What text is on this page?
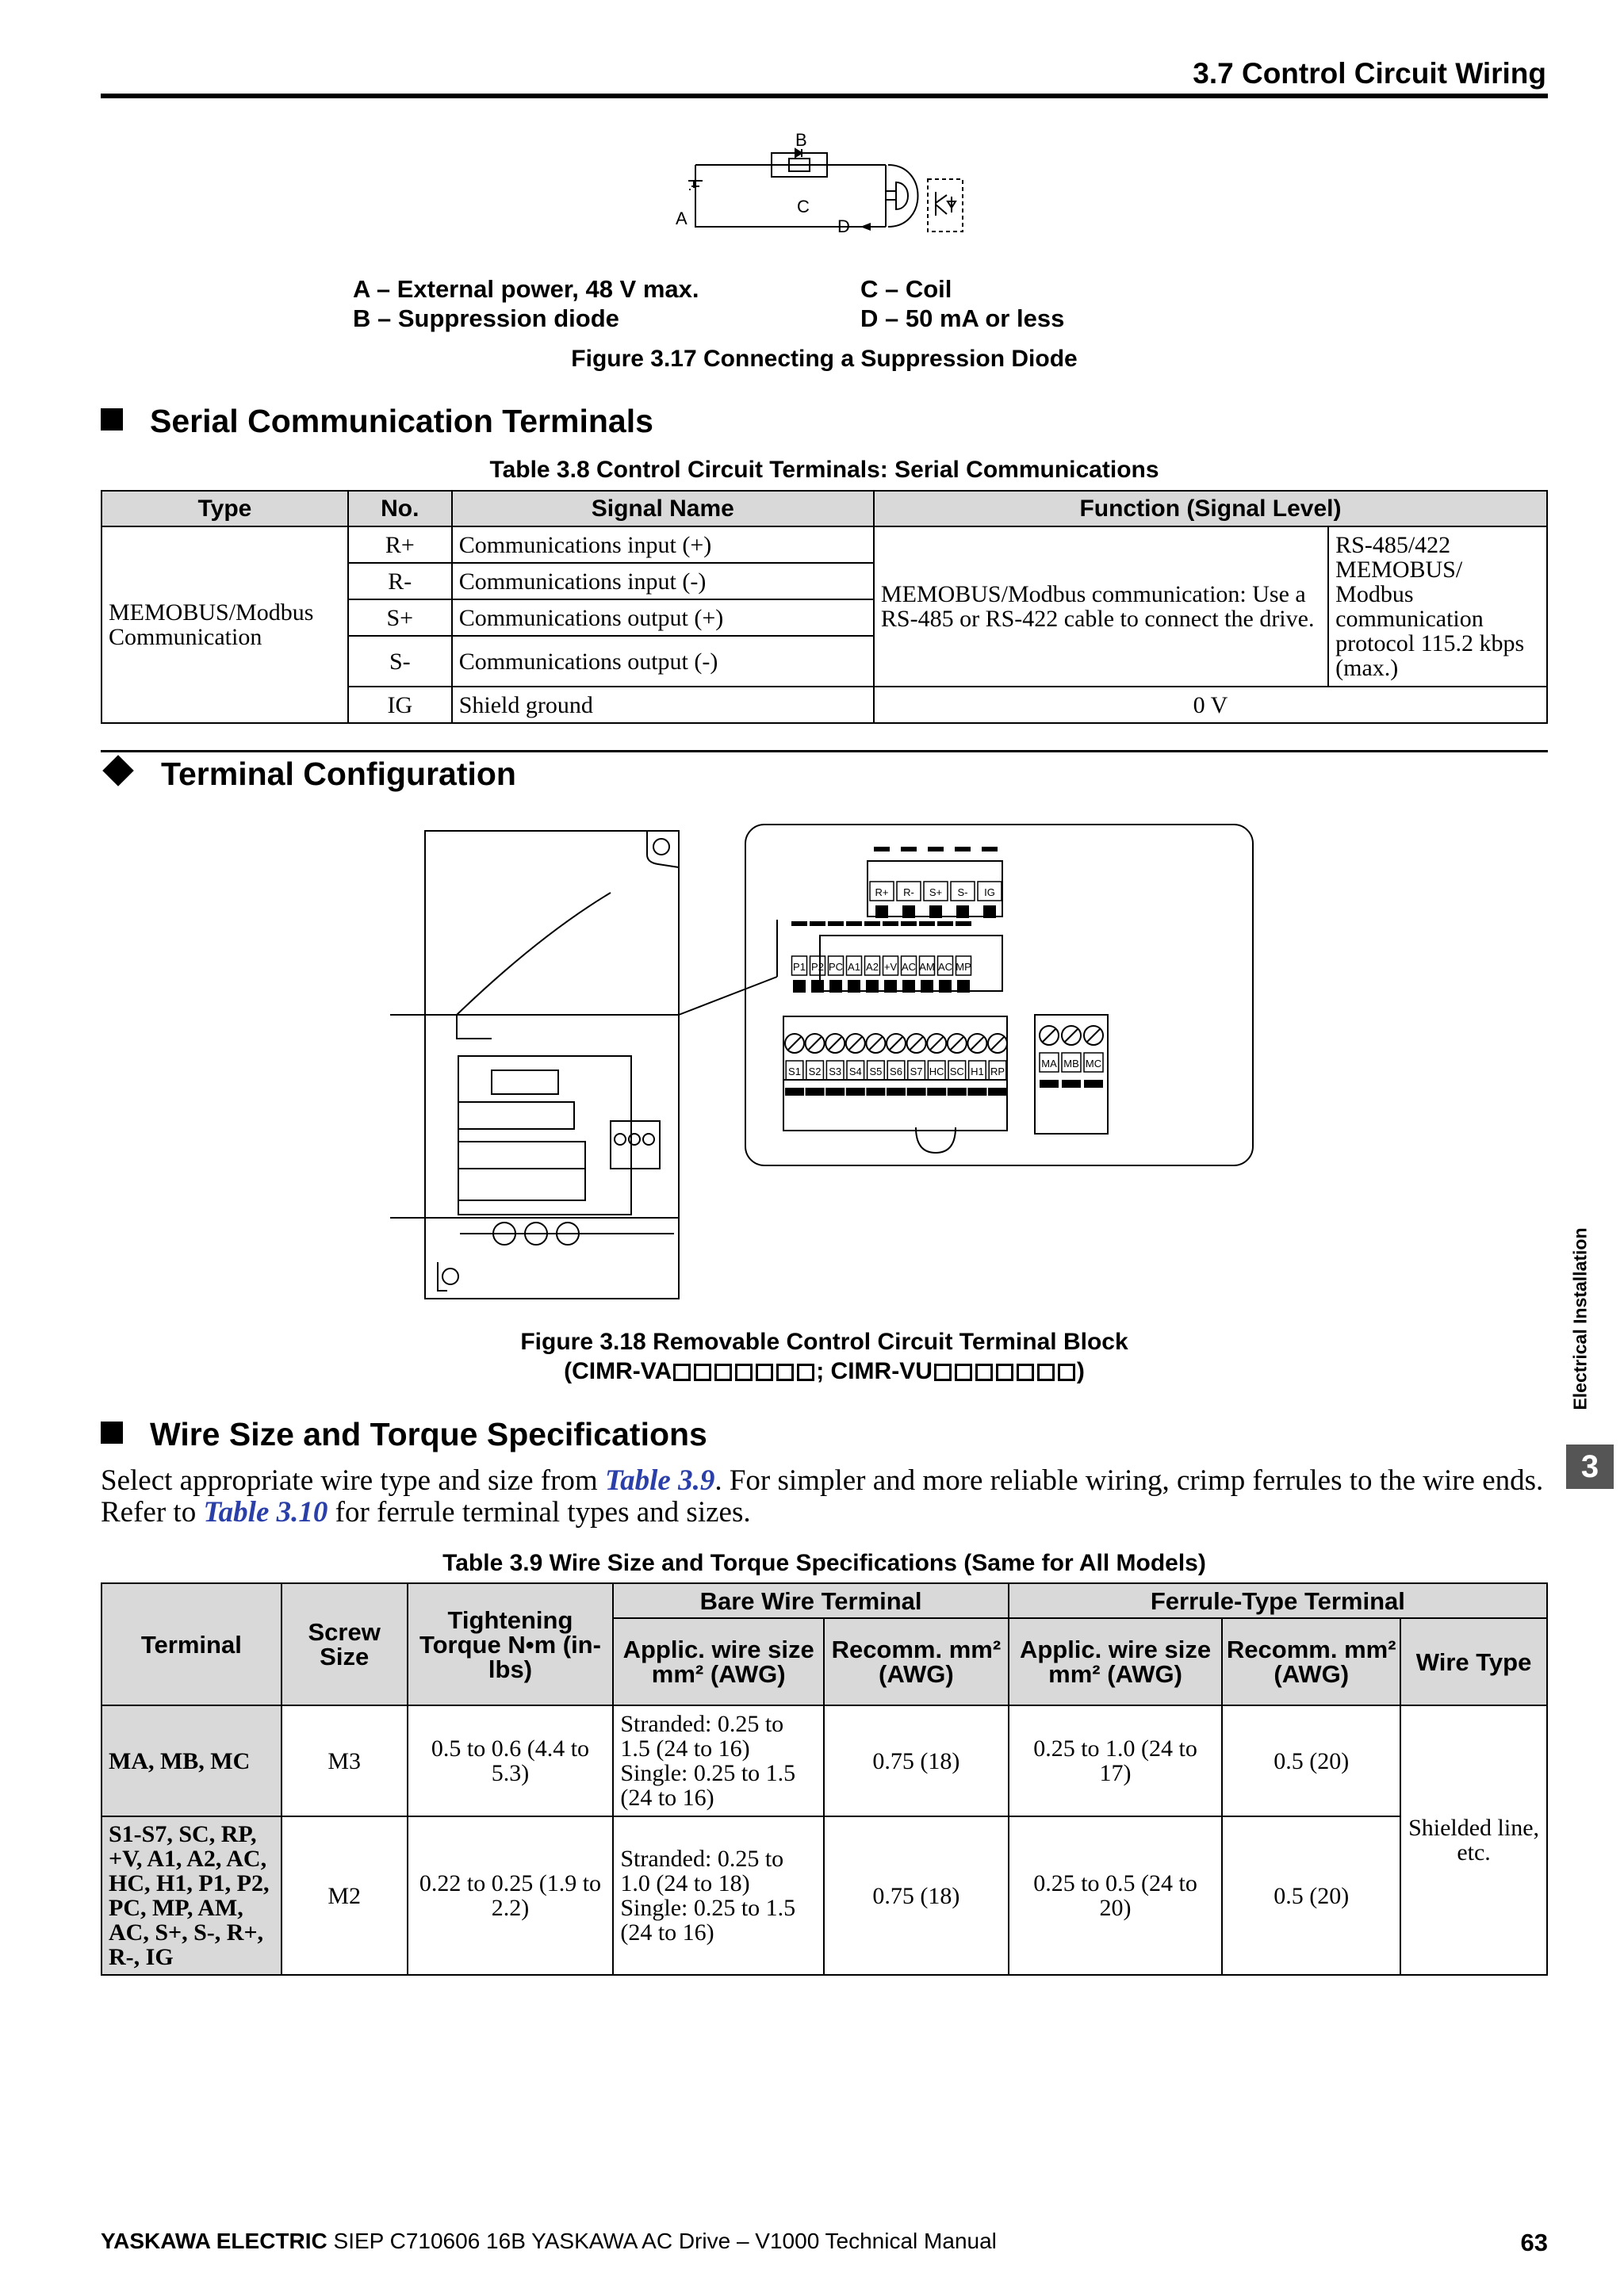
3.7 Control Circuit Wiring
B
C
A	D
A – External power, 48 V max.
B – Suppression diode
C – Coil
D – 50 mA or less
Figure 3.17 Connecting a Suppression Diode
Serial Communication Terminals
Table 3.8 Control Circuit Terminals: Serial Communications
Type	No.	Signal Name	Function (Signal Level)	
MEMOBUS/Modbus Communication	R+	Communications input (+)	MEMOBUS/Modbus communication: Use a RS-485 or RS-422 cable to connect the drive.	RS-485/422 MEMOBUS/ Modbus communication protocol 115.2 kbps (max.)
	R-	Communications input (-)		
	S+	Communications output (+)		
	S-	Communications output (-)		
	IG	Shield ground	0 V	
Terminal Configuration
R+ R- S+ S- IG
P1 P2 PC A1 A2 +V AC AM AC MP
S1 S2 S3 S4 S5 S6 S7 HC SC H1 RP
MA MB MC
Figure 3.18 Removable Control Circuit Terminal Block
(CIMR-VA	; CIMR-VU	)
Wire Size and Torque Specifications
Select appropriate wire type and size from Table 3.9. For simpler and more reliable wiring, crimp ferrules to the wire ends. Refer to Table 3.10 for ferrule terminal types and sizes.
Table 3.9 Wire Size and Torque Specifications (Same for All Models)
Terminal	Screw Size	Tightening Torque N•m (in-lbs)	Bare Wire Terminal		Ferrule-Type Terminal		
			Applic. wire size mm² (AWG)	Recomm. mm² (AWG)	Applic. wire size mm² (AWG)	Recomm. mm² (AWG)	Wire Type
MA, MB, MC	M3	0.5 to 0.6 (4.4 to 5.3)	Stranded: 0.25 to 1.5 (24 to 16) Single: 0.25 to 1.5 (24 to 16)	0.75 (18)	0.25 to 1.0 (24 to 17)	0.5 (20)	Shielded line, etc.
S1-S7, SC, RP, +V, A1, A2, AC, HC, H1, P1, P2, PC, MP, AM, AC, S+, S-, R+, R-, IG	M2	0.22 to 0.25 (1.9 to 2.2)	Stranded: 0.25 to 1.0 (24 to 18) Single: 0.25 to 1.5 (24 to 16)	0.75 (18)	0.25 to 0.5 (24 to 20)	0.5 (20)	
Electrical Installation
3
YASKAWA ELECTRIC SIEP C710606 16B YASKAWA AC Drive – V1000 Technical Manual	63
